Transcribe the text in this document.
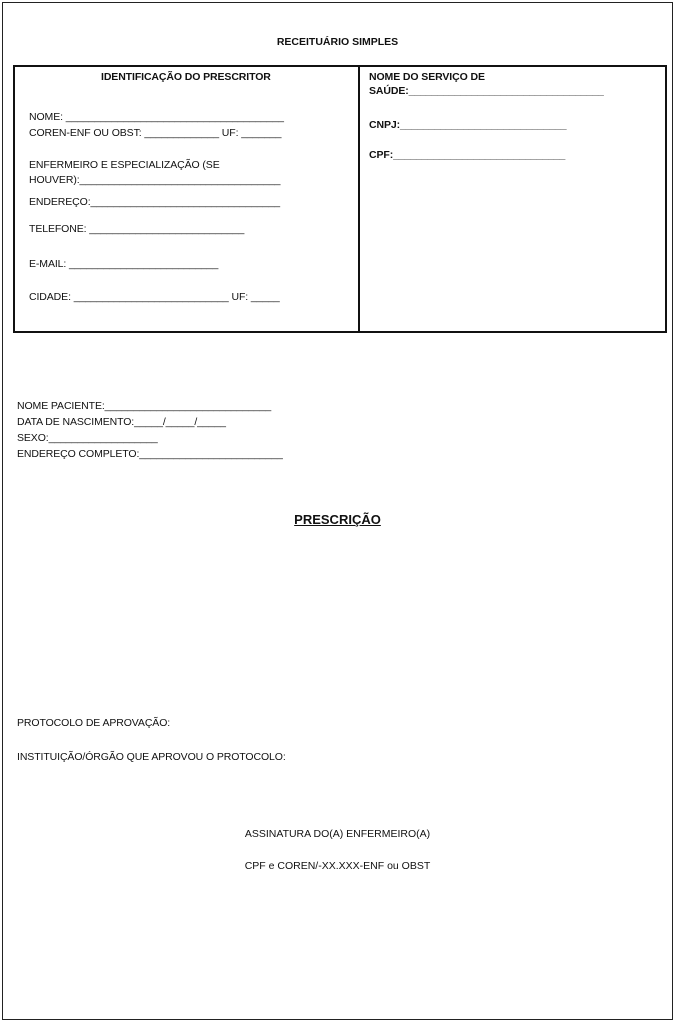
RECEITUÁRIO SIMPLES
IDENTIFICAÇÃO DO PRESCRITOR
NOME: ______________________________________
COREN-ENF OU OBST: _____________ UF: _______
ENFERMEIRO E ESPECIALIZAÇÃO (SE
HOUVER):___________________________________
ENDEREÇO:_________________________________
TELEFONE: ___________________________
E-MAIL: __________________________
CIDADE: ___________________________ UF: _____
NOME DO SERVIÇO DE
SAÚDE:__________________________________
CNPJ:_____________________________
CPF:______________________________
NOME PACIENTE:_____________________________
DATA DE NASCIMENTO:_____/_____/_____
SEXO:___________________
ENDEREÇO COMPLETO:_________________________
PRESCRIÇÃO
PROTOCOLO DE APROVAÇÃO:
INSTITUIÇÃO/ÓRGÃO QUE APROVOU O PROTOCOLO:
ASSINATURA DO(A) ENFERMEIRO(A)
CPF e COREN/-XX.XXX-ENF ou OBST
